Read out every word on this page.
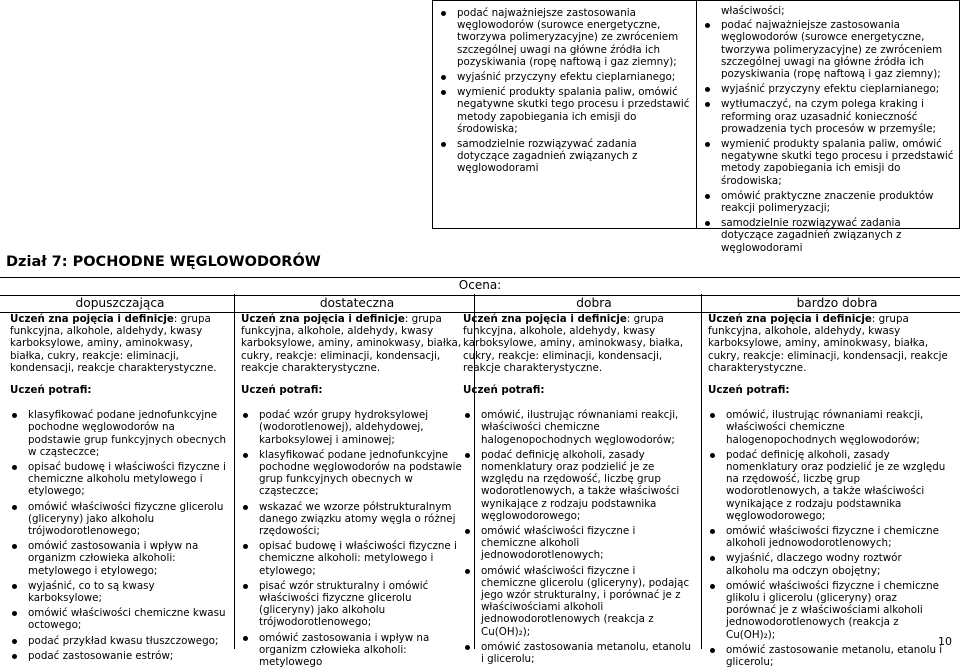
podać najważniejsze zastosowania węglowodorów (surowce energetyczne, tworzywa polimeryzacyjne) ze zwróceniem szczególnej uwagi na główne źródła ich pozyskiwania (ropę naftową i gaz ziemny);
wyjaśnić przyczyny efektu cieplarnianego;
wymienić produkty spalania paliw, omówić negatywne skutki tego procesu i przedstawić metody zapobiegania ich emisji do środowiska;
samodzielnie rozwiązywać zadania dotyczące zagadnień związanych z węglowodorami
właściwości;
podać najważniejsze zastosowania węglowodorów (surowce energetyczne, tworzywa polimeryzacyjne) ze zwróceniem szczególnej uwagi na główne źródła ich pozyskiwania (ropę naftową i gaz ziemny);
wyjaśnić przyczyny efektu cieplarnianego;
wytłumaczyć, na czym polega kraking i reforming oraz uzasadnić konieczność prowadzenia tych procesów w przemyśle;
wymienić produkty spalania paliw, omówić negatywne skutki tego procesu i przedstawić metody zapobiegania ich emisji do środowiska;
omówić praktyczne znaczenie produktów reakcji polimeryzacji;
samodzielnie rozwiązywać zadania dotyczące zagadnień związanych z węglowodorami
Dział 7: POCHODNE WĘGLOWODORÓW
Ocena:
dopuszczająca	dostateczna	dobra	bardzo dobra

Uczeń zna pojęcia i definicje: grupa funkcyjna, alkohole, aldehydy, kwasy karboksylowe, aminy, aminokwasy, białka, cukry, reakcje: eliminacji, kondensacji, reakcje charakterystyczne.

Uczeń potrafi:

klasyfikować podane jednofunkcyjne pochodne węglowodorów na podstawie grup funkcyjnych obecnych w cząsteczce;
opisać budowę i właściwości fizyczne i chemiczne alkoholu metylowego i etylowego;
omówić właściwości fizyczne glicerolu (gliceryny) jako alkoholu trójwodorotlenowego;
omówić zastosowania i wpływ na organizm człowieka alkoholi: metylowego i etylowego;
wyjaśnić, co to są kwasy karboksylowe;
omówić właściwości chemiczne kwasu octowego;
podać przykład kwasu tłuszczowego;
podać zastosowanie estrów;

Uczeń zna pojęcia i definicje: grupa funkcyjna, alkohole, aldehydy, kwasy karboksylowe, aminy, aminokwasy, białka, cukry, reakcje: eliminacji, kondensacji, reakcje charakterystyczne.

Uczeń potrafi:

podać wzór grupy hydroksylowej (wodorotlenowej), aldehydowej, karboksylowej i aminowej;
klasyfikować podane jednofunkcyjne pochodne węglowodorów na podstawie grup funkcyjnych obecnych w cząsteczce;
wskazać we wzorze półstrukturalnym danego związku atomy węgla o różnej rzędowości;
opisać budowę i właściwości fizyczne i chemiczne alkoholi: metylowego i etylowego;
pisać wzór strukturalny i omówić właściwości fizyczne glicerolu (gliceryny) jako alkoholu trójwodorotlenowego;
omówić zastosowania i wpływ na organizm człowieka alkoholi: metylowego

Uczeń zna pojęcia i definicje: grupa funkcyjna, alkohole, aldehydy, kwasy karboksylowe, aminy, aminokwasy, białka, cukry, reakcje: eliminacji, kondensacji, reakcje charakterystyczne.

Uczeń potrafi:

omówić, ilustrując równaniami reakcji, właściwości chemiczne halogenopochodnych węglowodorów;
podać definicję alkoholi, zasady nomenklatury oraz podzielić je ze względu na rzędowość, liczbę grup wodorotlenowych, a także właściwości wynikające z rodzaju podstawnika węglowodorowego;
omówić właściwości fizyczne i chemiczne alkoholi jednowodorotlenowych;
omówić właściwości fizyczne i chemiczne glicerolu (gliceryny), podając jego wzór strukturalny, i porównać je z właściwościami alkoholi jednowodorotlenowych (reakcja z Cu(OH)₂);
omówić zastosowania metanolu, etanolu i glicerolu;

Uczeń zna pojęcia i definicje: grupa funkcyjna, alkohole, aldehydy, kwasy karboksylowe, aminy, aminokwasy, białka, cukry, reakcje: eliminacji, kondensacji, reakcje charakterystyczne.

Uczeń potrafi:

omówić, ilustrując równaniami reakcji, właściwości chemiczne halogenopochodnych węglowodorów;
podać definicję alkoholi, zasady nomenklatury oraz podzielić je ze względu na rzędowość, liczbę grup wodorotlenowych, a także właściwości wynikające z rodzaju podstawnika węglowodorowego;
omówić właściwości fizyczne i chemiczne alkoholi jednowodorotlenowych;
wyjaśnić, dlaczego wodny roztwór alkoholu ma odczyn obojętny;
omówić właściwości fizyczne i chemiczne glikolu i glicerolu (gliceryny) oraz porównać je z właściwościami alkoholi jednowodorotlenowych (reakcja z Cu(OH)₂);
omówić zastosowanie metanolu, etanolu i glicerolu;
10
